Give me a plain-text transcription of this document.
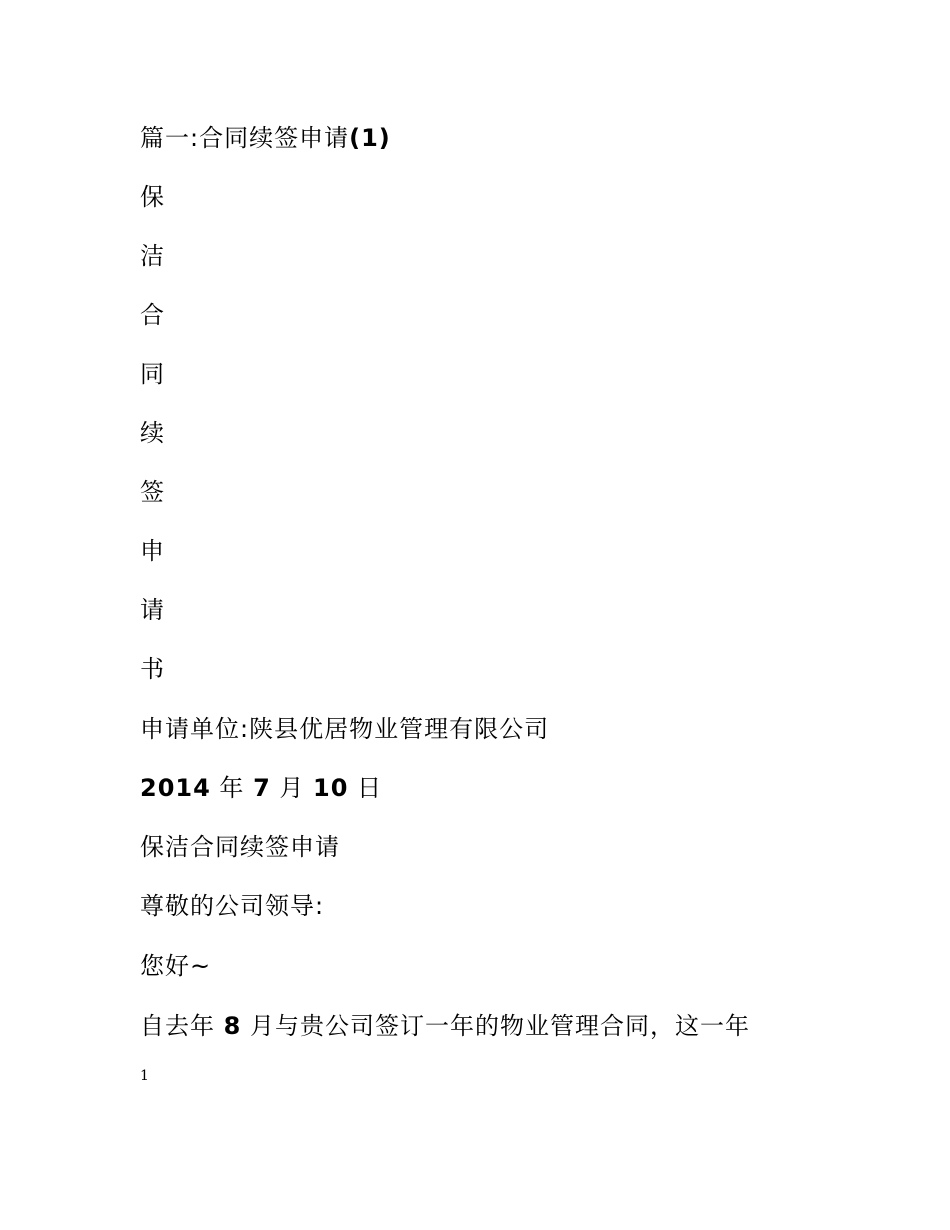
篇一:合同续签申请(1)
保
洁
合
同
续
签
申
请
书
申请单位:陕县优居物业管理有限公司
2014 年 7 月 10 日
保洁合同续签申请
尊敬的公司领导:
您好~
自去年 8 月与贵公司签订一年的物业管理合同，这一年
1
